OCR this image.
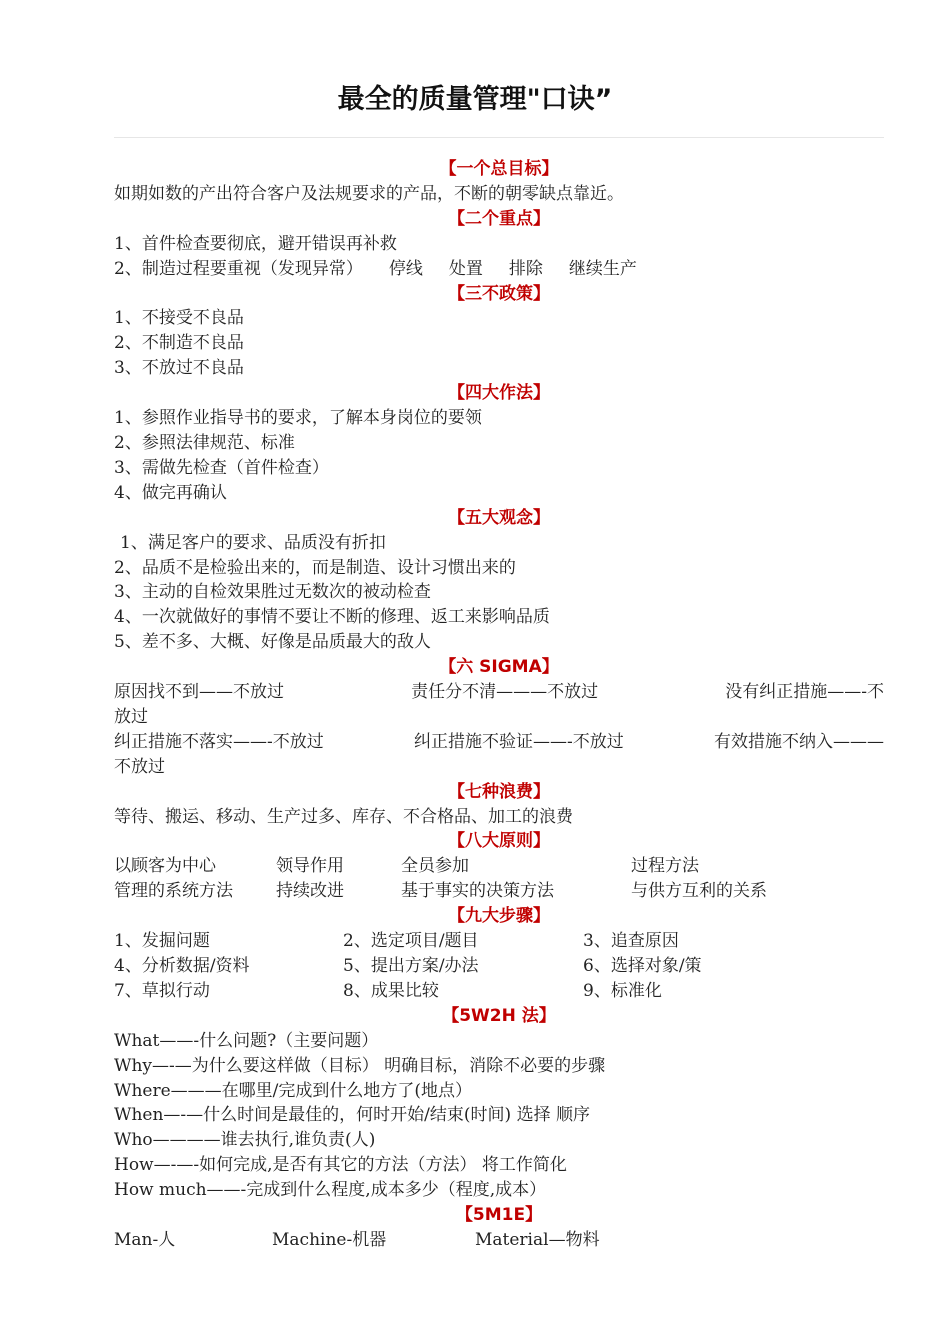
最全的质量管理"口诀”
【一个总目标】
如期如数的产出符合客户及法规要求的产品，不断的朝零缺点靠近。
【二个重点】
1、首件检查要彻底，避开错误再补救
2、制造过程要重视（发现异常） 停线 处置 排除 继续生产
【三不政策】
1、不接受不良品
2、不制造不良品
3、不放过不良品
【四大作法】
1、参照作业指导书的要求，了解本身岗位的要领
2、参照法律规范、标准
3、需做先检查（首件检查）
4、做完再确认
【五大观念】
1、满足客户的要求、品质没有折扣
2、品质不是检验出来的，而是制造、设计习惯出来的
3、主动的自检效果胜过无数次的被动检查
4、一次就做好的事情不要让不断的修理、返工来影响品质
5、差不多、大概、好像是品质最大的敌人
【六 SIGMA】
原因找不到——不放过	责任分不清———不放过	没有纠正措施——-不
放过
纠正措施不落实——-不放过	纠正措施不验证——-不放过	有效措施不纳入———
不放过
【七种浪费】
等待、搬运、移动、生产过多、库存、不合格品、加工的浪费
【八大原则】
以顾客为中心	领导作用	全员参加	过程方法
管理的系统方法	持续改进	基于事实的决策方法	与供方互利的关系
【九大步骤】
1、发掘问题	2、选定项目/题目	3、追查原因
4、分析数据/资料	5、提出方案/办法	6、选择对象/策
7、草拟行动	8、成果比较	9、标准化
【5W2H 法】
What——-什么问题?（主要问题）
Why—-—为什么要这样做（目标） 明确目标，消除不必要的步骤
Where———在哪里/完成到什么地方了(地点）
When—-—什么时间是最佳的，何时开始/结束(时间) 选择 顺序
Who————谁去执行,谁负责(人)
How—-—-如何完成,是否有其它的方法（方法） 将工作简化
How much——-完成到什么程度,成本多少（程度,成本）
【5M1E】
Man-人	Machine-机器	Material—物料
